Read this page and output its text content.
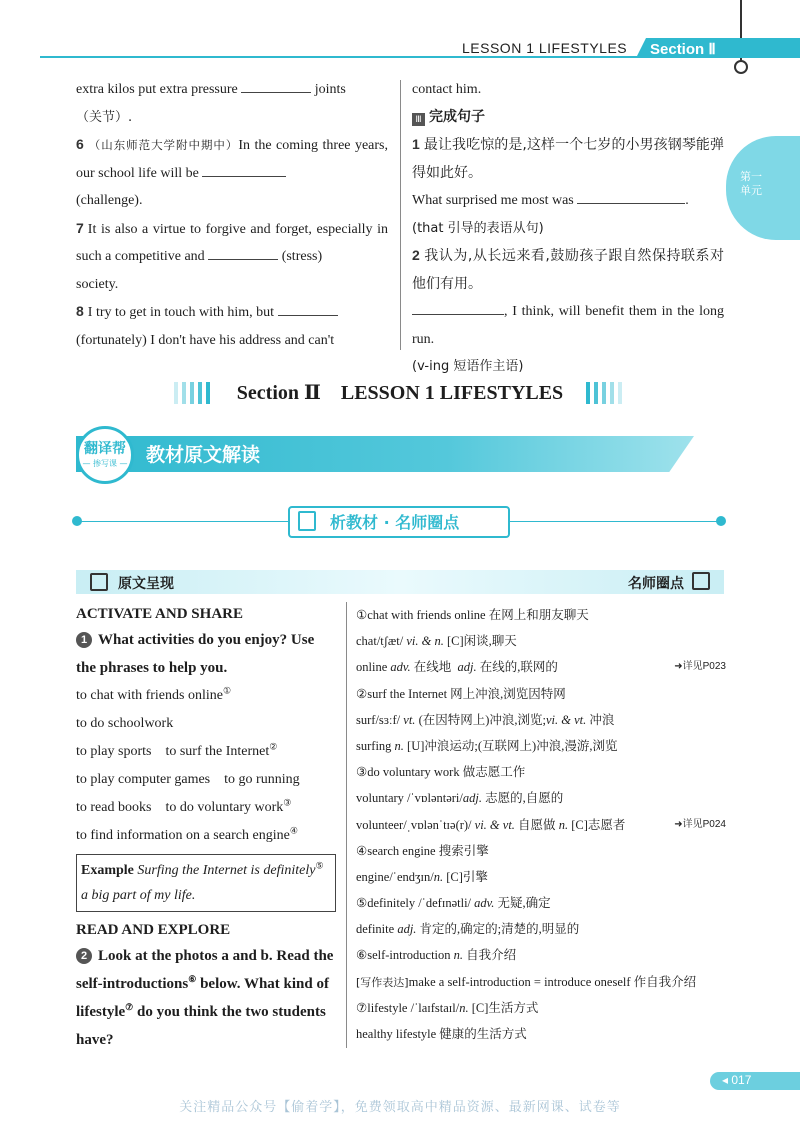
LESSON 1 LIFESTYLES Section Ⅱ
第一单元
extra kilos put extra pressure	joints
（关节）.
6 （山东师范大学附中期中）In the coming three years, our school life will be
(challenge).
7 It is also a virtue to forgive and forget, especially in such a competitive and	(stress)
society.
8 I try to get in touch with him, but
(fortunately) I don't have his address and can't
contact him.
Ⅲ 完成句子
1 最让我吃惊的是,这样一个七岁的小男孩钢琴能弹得如此好。
What surprised me most was	.
(that 引导的表语从句)
2 我认为,从长远来看,鼓励孩子跟自然保持联系对他们有用。
, I think, will benefit them in the long run.
(v-ing 短语作主语)
Section Ⅱ    LESSON 1 LIFESTYLES
翻译帮
— 掺写课 — 教材原文解读
析教材 · 名师圈点
原文呈现	名师圈点
ACTIVATE AND SHARE
1 What activities do you enjoy? Use the phrases to help you.
to chat with friends online①
to do schoolwork
to play sports to surf the Internet②
to play computer games to go running
to read books to do voluntary work③
to find information on a search engine④
Example Surfing the Internet is definitely⑤ a big part of my life.
READ AND EXPLORE
2 Look at the photos a and b. Read the self-introductions⑥ below. What kind of lifestyle⑦ do you think the two students have?
①chat with friends online 在网上和朋友聊天
chat/tʃæt/ vi. & n. [C]闲谈,聊天
online adv. 在线地 adj. 在线的,联网的	➜详见P023
②surf the Internet 网上冲浪,浏览因特网
surf/sɜːf/ vt. (在因特网上)冲浪,浏览;vi. & vt. 冲浪
surfing n. [U]冲浪运动;(互联网上)冲浪,漫游,浏览
③do voluntary work 做志愿工作
voluntary /ˈvɒləntəri/adj. 志愿的,自愿的
volunteer/ˌvɒlənˈtɪə(r)/ vi. & vt. 自愿做 n. [C]志愿者	➜详见P024
④search engine 搜索引擎
engine/ˈendʒɪn/n. [C]引擎
⑤definitely /ˈdefɪnətli/ adv. 无疑,确定
definite adj. 肯定的,确定的;清楚的,明显的
⑥self-introduction n. 自我介绍
[写作表达]make a self-introduction = introduce oneself 作自我介绍
⑦lifestyle /ˈlaɪfstaɪl/n. [C]生活方式
healthy lifestyle 健康的生活方式
◂ 017
关注精品公众号【偷着学】，免费领取高中精品资源、最新网课、试卷等
